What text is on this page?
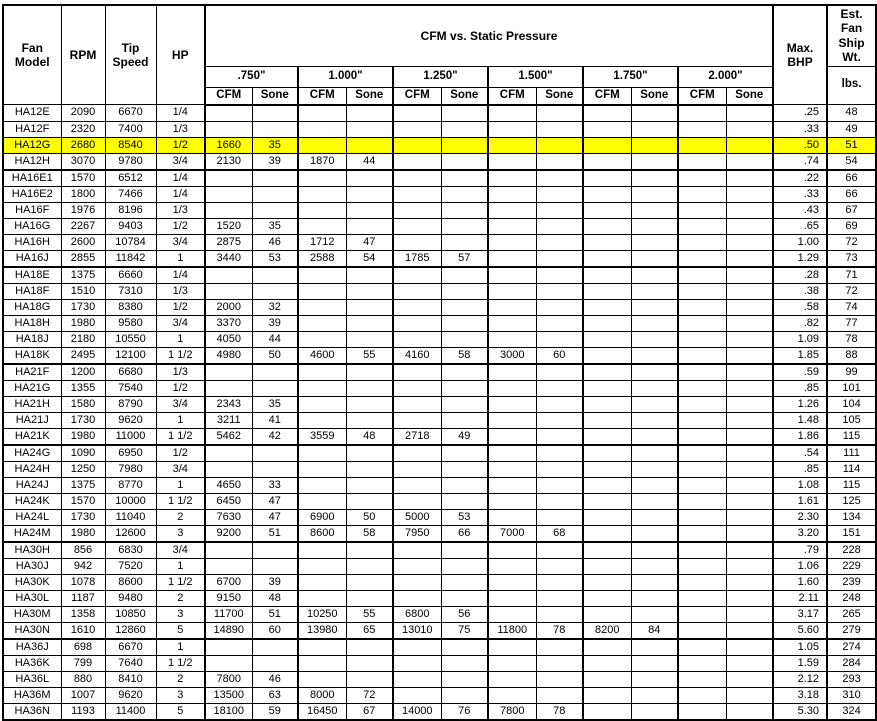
Fan Model	RPM	Tip Speed	HP	CFM vs. Static Pressure												Max. BHP	Est. Fan Ship Wt.
				.750"		1.000"		1.250"		1.500"		1.750"		2.000"			lbs.
				CFM	Sone	CFM	Sone	CFM	Sone	CFM	Sone	CFM	Sone	CFM	Sone		
HA12E	2090	6670	1/4													.25	48
HA12F	2320	7400	1/3													.33	49
HA12G	2680	8540	1/2	1660	35											.50	51
HA12H	3070	9780	3/4	2130	39	1870	44									.74	54
HA16E1	1570	6512	1/4													.22	66
HA16E2	1800	7466	1/4													.33	66
HA16F	1976	8196	1/3													.43	67
HA16G	2267	9403	1/2	1520	35											.65	69
HA16H	2600	10784	3/4	2875	46	1712	47									1.00	72
HA16J	2855	11842	1	3440	53	2588	54	1785	57							1.29	73
HA18E	1375	6660	1/4													.28	71
HA18F	1510	7310	1/3													.38	72
HA18G	1730	8380	1/2	2000	32											.58	74
HA18H	1980	9580	3/4	3370	39											.82	77
HA18J	2180	10550	1	4050	44											1.09	78
HA18K	2495	12100	1 1/2	4980	50	4600	55	4160	58	3000	60					1.85	88
HA21F	1200	6680	1/3													.59	99
HA21G	1355	7540	1/2													.85	101
HA21H	1580	8790	3/4	2343	35											1.26	104
HA21J	1730	9620	1	3211	41											1.48	105
HA21K	1980	11000	1 1/2	5462	42	3559	48	2718	49							1.86	115
HA24G	1090	6950	1/2													.54	111
HA24H	1250	7980	3/4													.85	114
HA24J	1375	8770	1	4650	33											1.08	115
HA24K	1570	10000	1 1/2	6450	47											1.61	125
HA24L	1730	11040	2	7630	47	6900	50	5000	53							2.30	134
HA24M	1980	12600	3	9200	51	8600	58	7950	66	7000	68					3.20	151
HA30H	856	6830	3/4													.79	228
HA30J	942	7520	1													1.06	229
HA30K	1078	8600	1 1/2	6700	39											1.60	239
HA30L	1187	9480	2	9150	48											2.11	248
HA30M	1358	10850	3	11700	51	10250	55	6800	56							3.17	265
HA30N	1610	12860	5	14890	60	13980	65	13010	75	11800	78	8200	84			5.60	279
HA36J	698	6670	1													1.05	274
HA36K	799	7640	1 1/2													1.59	284
HA36L	880	8410	2	7800	46											2.12	293
HA36M	1007	9620	3	13500	63	8000	72									3.18	310
HA36N	1193	11400	5	18100	59	16450	67	14000	76	7800	78					5.30	324
